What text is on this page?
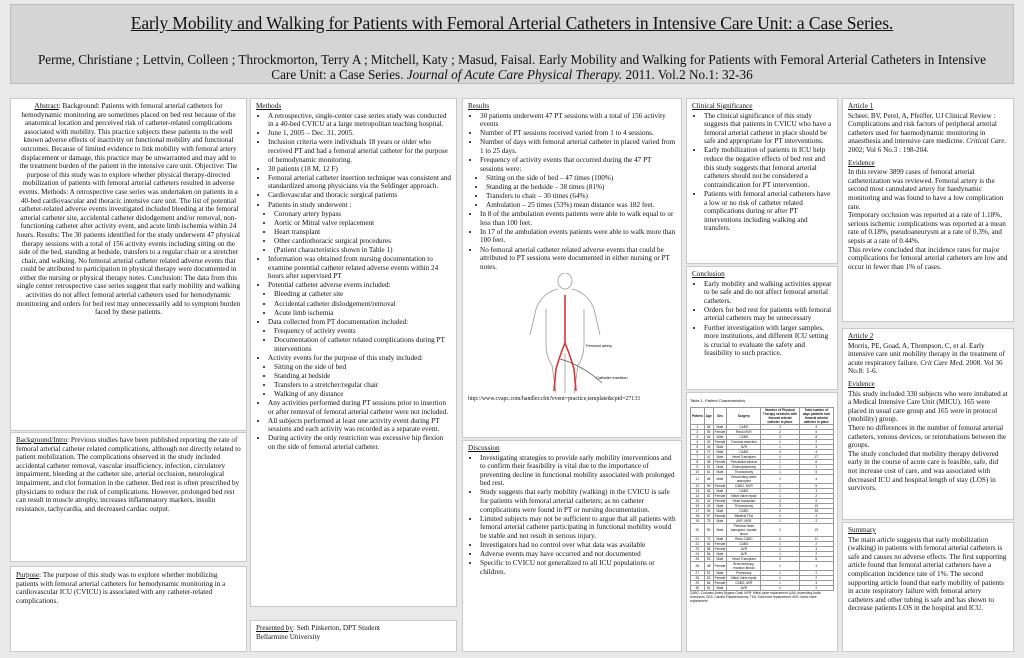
Early Mobility and Walking for Patients with Femoral Arterial Catheters in Intensive Care Unit: a Case Series.
Perme, Christiane ; Lettvin, Colleen ; Throckmorton, Terry A ; Mitchell, Katy ; Masud, Faisal. Early Mobility and Walking for Patients with Femoral Arterial Catheters in Intensive Care Unit: a Case Series. Journal of Acute Care Physical Therapy. 2011. Vol.2 No.1: 32-36
Abstract: Background: Patients with femoral arterial catheters for hemodynamic monitoring are sometimes placed on bed rest because of the anatomical location and perceived risk of catheter-related complications associated with mobility. This practice subjects these patients to the well known adverse effects of inactivity on functional mobility and functional outcomes. Because of limited evidence to link mobility with femoral artery displacement or damage, this practice may be unwarranted and may add to the treatment burden of the patient in the intensive care unit. Objective: The purpose of this study was to explore whether physical therapy-directed mobilization of patients with femoral arterial catheters resulted in adverse events. Methods: A retrospective case series was undertaken on patients in a 40-bed cardiovascular and thoracic intensive care unit. The list of potential catheter-related adverse events investigated included bleeding at the femoral arterial catheter site, accidental catheter dislodgement and/or removal, non-functioning catheter after activity event, and acute limb ischemia within 24 hours. Results: The 30 patients identified for the study underwent 47 physical therapy sessions with a total of 156 activity events including sitting on the side of the bed, standing at bedside, transfers to a regular chair or a stretcher chair, and walking. No femoral arterial catheter related adverse events that could be attributed to participation in physical therapy were documented in either the nursing or physical therapy notes. Conclusion: The data from this single center retrospective case series suggest that early mobility and walking activities do not affect femoral arterial catheters used for hemodynamic monitoring and orders for bed rest may unnecessarily add to symptom burden faced by these patients.
Background/Intro: Previous studies have been published reporting the rate of femoral arterial catheter related complications, although not directly related to patient mobilization. The complications observed in the study included accidental catheter removal, vascular insufficiency, infection, circulatory impairment, bleeding at the catheter site, arterial occlusion, neurological impairment, and clot formation in the catheter. Bed rest is often prescribed by physicians to reduce the risk of complications. However, prolonged bed rest can result in muscle atrophy, increases inflammatory markers, insulin resistance, tachycardia, and decreased cardiac output.
Purpose: The purpose of this study was to explore whether mobilizing patients with femoral arterial catheters for hemodynamic monitoring in a cardiovascular ICU (CVICU) is associated with any catheter-related complications.
Methods
• A retrospective, single-center case series study was conducted in a 40-bed CVICU at a large metropolitan teaching hospital.
• June 1, 2005 – Dec. 31, 2005.
• Inclusion criteria were individuals 18 years or older who received PT and had a femoral arterial catheter for the purpose of hemodynamic monitoring.
• 30 patients (18 M, 12 F)
• Femoral arterial catheter insertion technique was consistent and standardized among physicians via the Seldinger approach.
• Cardiovascular and thoracic surgical patients
• Patients in study underwent :
• Coronary artery bypass
• Aortic or Mitral valve replacement
• Heart transplant
• Other cardiothoracic surgical procedures
• (Patient characteristics shown in Table 1)
• Information was obtained from nursing documentation to examine potential catheter related adverse events within 24 hours after supervised PT
• Potential catheter adverse events included:
• Bleeding at catheter site
• Accidental catheter dislodgement/removal
• Acute limb ischemia
• Data collected from PT documentation included:
• Frequency of activity events
• Documentation of catheter related complications during PT interventions
• Activity events for the purpose of this study included:
• Sitting on the side of bed
• Standing at bedside
• Transfers to a stretcher/regular chair
• Walking of any distance
• Any activities performed during PT sessions prior to insertion or after removal of femoral arterial catheter were not included.
• All subjects performed at least one activity event during PT sessions and each activity was recorded as a separate event.
• During activity the only restriction was excessive hip flexion on the side of femoral arterial catheter.
Presented by: Seth Pinkerton, DPT Student
Bellarmine University
Results
• 30 patients underwent 47 PT sessions with a total of 156 activity events
• Number of PT sessions received varied from 1 to 4 sessions.
• Number of days with femoral arterial catheter in placed varied from 1 to 25 days.
• Frequency of activity events that occurred during the 47 PT sessions were:
• Sitting on the side of bed – 47 times (100%)
• Standing at the bedside – 38 times (81%)
• Transfers to chair – 30 times (64%)
• Ambulation – 25 times (53%) mean distance was 182 feet.
• In 8 of the ambulation events patients were able to walk equal to or less than 100 feet.
• In 17 of the ambulation events patients were able to walk more than 100 feet.
• No femoral arterial catheter related adverse events that could be attributed to PT sessions were documented in either nursing or PT notes.
Femoral artery
Catheter insertion
http://www.cvapc.com/handler.cfm?event=practice,template&cpid=27133
Discussion
• Investigating strategies to provide early mobility interventions and to confirm their feasibility is vital due to the importance of preventing decline in functional mobility associated with prolonged bed rest.
• Study suggests that early mobility (walking) in the CVICU is safe for patients with femoral arterial catheters; as no catheter complications were found in PT or nursing documentation.
• Limited subjects may not be sufficient to argue that all patients with femoral arterial catheter participating in functional mobility would be stable and not result in serious injury.
• Investigators had no control over what data was available
• Adverse events may have occurred and not documented
• Specific to CVICU not generalized to all ICU populations or children.
Clinical Significance
• The clinical significance of this study suggests that patients in CVICU who have a femoral arterial catheter in place should be safe and appropriate for PT interventions.
• Early mobilization of patients in ICU help reduce the negative effects of bed rest and this study suggests that femoral arterial catheters should not be considered a contraindication for PT intervention.
• Patients with femoral arterial catheters have a low or no risk of catheter related complications during or after PT interventions including walking and transfers.
Conclusion
• Early mobility and walking activities appear to be safe and do not affect femoral arterial catheters.
• Orders for bed rest for patients with femoral arterial catheters may be unnecessary
• Further investigation with larger samples, more institutions, and different ICU setting is crucial to evaluate the safety and feasibility to such practice.
Table 1. Patient Characteristics
Patient	Age	Sex	Surgery	Number of Physical Therapy sessions with femoral arterial catheter in place	Total number of days patients had femoral arterial catheter in place
1	66	Male	CABG	3	4
2	55	Female	Redo MVR	2	5
3	64	Male	CABG	3	8
4	53	Female	Tracheal resection	1	2
5	44	Male	AVR	1	3
6	72	Male	CABG	2	4
7	41	Male	Heart Transplant	4	17
8	48	Female	Pericardial window	1	6
9	51	Male	Cholecystectomy	1	1
10	61	Male	Thoracotomy	1	5
11	68	Male	Descending aortic aneurysm	1	4
12	59	Female	CABG, MVR	2	5
13	66	Male	CABG	1	3
14	62	Female	Mitral Valve repair	1	2
15	42	Female	Heart transplant	3	9
16	49	Male	Thoracotomy	3	10
17	69	Male	CABG	2	25
18	67	Female	Bilateral TKA	2	4
19	75	Male	AVR, MVR	1	2
20	50	Male	Previous heart transplant, hepatic shunt	2	19
21	72	Male	Redo CABG	4	11
22	60	Female	CABG	1	2
23	58	Female	AVR	1	3
24	56	Male	AVR	1	2
25	53	Male	Heart Transplant	3	8
26	48	Female	Bronchoscopy, excision fibroid	1	4
27	51	Male	Pulmonary	1	2
28	63	Female	Mitral Valve repair	1	2
29	66	Female	CABG, AVR	1	3
30	61	Male	AVR	1	2
CABG: Coronary Artery Bypass Graft; MVR: Mitral valve replacement; AAA: Ascending Aortic Aneurysm; CEA: Carotid Endarterectomy; TKA: Total knee replacement; AVR: Aortic valve replacement
Article 1

Scheer, BV, Perel, A, Pfeiffer, UJ Clinical Review : Complications and risk factors of peripheral arterial catheters used for haemodynamic monitoring in anaesthesia and intensive care medicine. Critical Care. 2002; Vol 6 No.3 : 198-204.

Evidence
In this review 3899 cases of femoral arterial catheterization was reviewed. Femoral artery is the second most cannulated artery for haedynamic monitoring and was found to have a low complication rate.
Temporary occlusion was reported at a rate of 1.18%, serious ischemic complications was reported at a mean rate of 0.18%, pseudoaneurysm at a rate of 0.3%, and sepsis at a rate of 0.44%.
This review concluded that incidence rates for major complications for femoral arterial catheters are low and occur in fewer than 1% of cases.
Article 2

Morris, PE, Goad, A, Thompson, C, et al. Early intensive care unit mobility therapy in the treatment of acute respiratory failure. Crit Care Med. 2008. Vol 36 No.8: 1-6.

Evidence
This study included 330 subjects who were intubated at a Medical Intensive Care Unit (MICU). 165 were placed in usual care group and 165 were in protocol (mobility) group.
There no differences in the number of femoral arterial catheters, venous devices, or reintubations between the groups.
The study concluded that mobility therapy delivered early in the course of acute care is feasible, safe, did not increase cost of care, and was associated with decreased ICU and hospital length of stay (LOS) in survivors.
Summary
The main article suggests that early mobilization (walking) in patients with femoral arterial catheters is safe and causes no adverse effects. The first supporting article found that femoral arterial catheters have a complication incidence rate of 1%. The second supporting article found that early mobility of patients in acute respiratory failure with femoral artery catheters and other tubing is safe and has shown to decrease patients LOS in the hospital and ICU.
